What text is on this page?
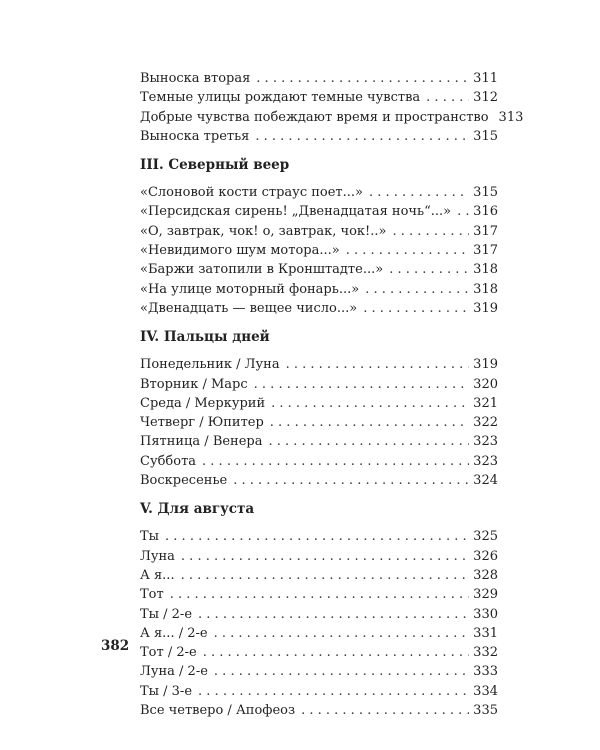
Выноска вторая . . .	311
Темные улицы рождают темные чувства . . .	312
Добрые чувства побеждают время и пространство 313
Выноска третья . . .	315
III. Северный веер
«Слоновой кости страус поет...» . . .	315
«Персидская сирень! „Двенадцатая ночь“...» . . . 316
«О, завтрак, чок! о, завтрак, чок!..» . . .	317
«Невидимого шум мотора...» . . .	317
«Баржи затопили в Кронштадте...» . . .	318
«На улице моторный фонарь...» . . .	318
«Двенадцать — вещее число...» . . .	319
IV. Пальцы дней
Понедельник / Луна . . .	319
Вторник / Марс . . .	320
Среда / Меркурий . . .	321
Четверг / Юпитер . . .	322
Пятница / Венера . . .	323
Суббота . . .	323
Воскресенье . . .	324
V. Для августа
Ты . . .	325
Луна . . .	326
А я... . . .	328
Тот . . .	329
Ты / 2-е . . .	330
А я... / 2-е . . .	331
Тот / 2-е . . .	332
Луна / 2-е . . .	333
Ты / 3-е . . .	334
Все четверо / Апофеоз . . .	335
382
